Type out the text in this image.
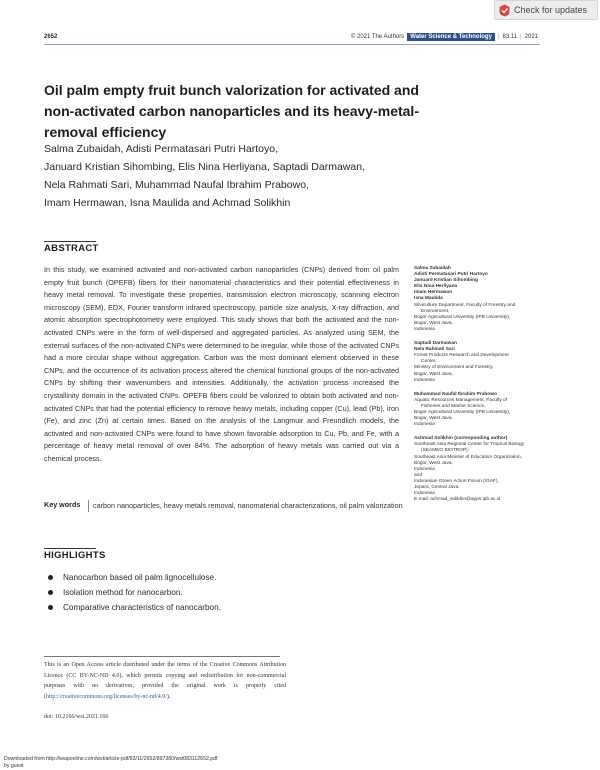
Check for updates
2652	© 2021 The Authors	Water Science & Technology	| 83.11 | 2021
Oil palm empty fruit bunch valorization for activated and non-activated carbon nanoparticles and its heavy-metal-removal efficiency
Salma Zubaidah, Adisti Permatasari Putri Hartoyo,
Januard Kristian Sihombing, Elis Nina Herliyana, Saptadi Darmawan,
Nela Rahmati Sari, Muhammad Naufal Ibrahim Prabowo,
Imam Hermawan, Isna Maulida and Achmad Solikhin
ABSTRACT

In this study, we examined activated and non-activated carbon nanoparticles (CNPs) derived from oil palm empty fruit bunch (OPEFB) fibers for their nanomaterial characteristics and their potential effectiveness in heavy metal removal. To investigate these properties, transmission electron microscopy, scanning electron microscopy (SEM), EDX, Fourier transform infrared spectroscopy, particle size analysis, X-ray diffraction, and atomic absorption spectrophotometry were employed. This study shows that both the activated and the non-activated CNPs were in the form of well-dispersed and aggregated particles. As analyzed using SEM, the external surfaces of the non-activated CNPs were determined to be irregular, while those of the activated CNPs had a more circular shape without aggregation. Carbon was the most dominant element observed in these CNPs, and the occurrence of its activation process altered the chemical functional groups of the non-activated CNPs by shifting their wavenumbers and intensities. Additionally, the activation process increased the crystallinity domain in the activated CNPs. OPEFB fibers could be valorized to obtain both activated and non-activated CNPs that had the potential efficiency to remove heavy metals, including copper (Cu), lead (Pb), iron (Fe), and zinc (Zn) at certain times. Based on the analysis of the Langmuir and Freundlich models, the activated and non-activated CNPs were found to have shown favorable adsorption to Cu, Pb, and Fe, with a percentage of heavy metal removal of over 84%. The adsorption of heavy metals was carried out via a chemical process.

Key words	carbon nanoparticles, heavy metals removal, nanomaterial characterizations, oil palm valorization
HIGHLIGHTS
Nanocarbon based oil palm lignocellulose.
Isolation method for nanocarbon.
Comparative characteristics of nanocarbon.

This is an Open Access article distributed under the terms of the Creative Commons Attribution Licence (CC BY-NC-ND 4.0), which permits copying and redistribution for non-commercial purposes with no derivatives, provided the original work is properly cited (http://creativecommons.org/licenses/by-nc-nd/4.0/).

doi: 10.2166/wst.2021.166
Downloaded from http://iwaponline.com/wst/article-pdf/83/11/2652/897380/wst083112652.pdf
by guest
Salma Zubaidah
Adisti Permatasari Putri Hartoyo
Januard Kristian Sihombing
Elis Nina Herliyana
Imam Hermawan
Isna Maulida
Silviculture Department, Faculty of Forestry and
Environment,
Bogor Agricultural University (IPB University),
Bogor, West Java,
Indonesia
Saptadi Darmawan
Nela Rahmati Sari
Forest Products Research and Development
Center,
Ministry of Environment and Forestry,
Bogor, West Java,
Indonesia
Muhammad Naufal Ibrahim Prabowo
Aquatic Resources Management, Faculty of
Fisheries and Marine Science,
Bogor Agricultural University (IPB University),
Bogor, West Java,
Indonesia
Achmad Solikhin (corresponding author)
Southeast Asia Regional Center for Tropical Biology
(SEAMEO BIOTROP),
Southeast Asia Minister of Education Organization,
Bogor, West Java,
Indonesia
and
Indonesian Green Action Forum (IGAF),
Jepara, Central Java,
Indonesia
E-mail: achmad_solikhin@apps.ipb.ac.id
